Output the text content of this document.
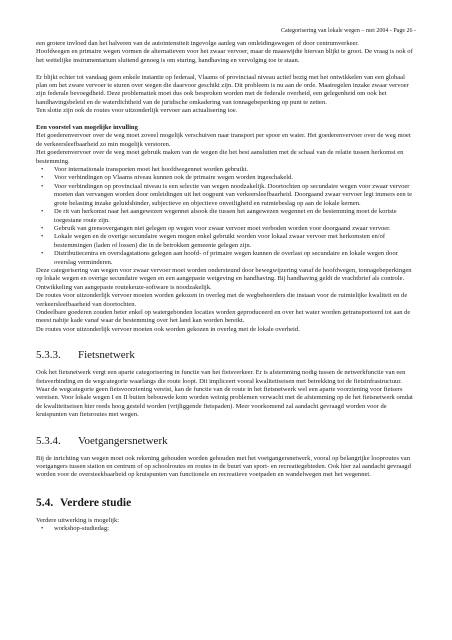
Categorisering van lokale wegen – mei 2004 - Page 26 -

een grotere invloed dan het halveren van de autointensiteit ingevolge aanleg van omleidingswegen of door centrumverkeer.

Hoofdwegen en primaire wegen vormen de alternatieven voor het zwaar vervoer, maar de maaswijdte hiervan blijkt te groot. De vraag is ook of het wettelijke instrumentarium sluitend genoeg is om sturing, handhaving en vervolging toe te staan.

Er blijkt echter tot vandaag geen enkele instantie op federaal, Vlaams of provinciaal niveau actief bezig met het ontwikkelen van een globaal plan om het zware vervoer te sturen over wegen die daarvoor geschikt zijn. Dit probleem is nu aan de orde. Maatregelen inzake zwaar vervoer zijn federale bevoegdheid. Deze problematiek moet dus ook besproken worden met de federale overheid, een gelegenheid om ook het handhavingsbeleid en de waterdichtheid van de juridische omkadering van tonnagebeperking op punt te zetten.

Ten slotte zijn ook de routes voor uitzonderlijk vervoer aan actualisering toe.

Een voorstel van mogelijke invulling

Het goederenvervoer over de weg moet zoveel mogelijk verschuiven naar transport per spoor en water. Het goederenvervoer over de weg moet de verkeersleefbaarheid zo min mogelijk verstoren.

Het goederenvervoer over de weg moet gebruik maken van de wegen die het best aansluiten met de schaal van de relatie tussen herkomst en bestemming.

• Voor internationale transporten moet het hoofdwegennet worden gebruikt.
• Voor verbindingen op Vlaams niveau kunnen ook de primaire wegen worden ingeschakeld.
• Voor verbindingen op provinciaal niveau is een selectie van wegen noodzakelijk. Doortochten op secundaire wegen voor zwaar vervoer moeten dan vervangen worden door omleidingen uit het oogpunt van verkeersleefbaarheid. Doorgaand zwaar vervoer legt immers een te grote belasting inzake geluidshinder, subjectieve en objectieve onveiligheid en ruimtebeslag op aan de lokale kernen.
• De rit van herkomst naar het aangewezen wegennet alsook die tussen het aangewezen wegennet en de bestemming moet de kortste toegestane route zijn.
• Gebruik van grensovergangen niet gelegen op wegen voor zwaar vervoer moet verboden worden voor doorgaand zwaar vervoer.
• Lokale wegen en de overige secundaire wegen mogen enkel gebruikt worden voor lokaal zwaar vervoer met herkomsten en/of bestemmingen (laden of lossen) die in de betrokken gemeente gelegen zijn.
• Distributiecentra en overslagstations gelegen aan hoofd- of primaire wegen kunnen de overlast op secundaire en lokale wegen door overslag verminderen.

Deze categorisering van wegen voor zwaar vervoer moet worden ondersteund door bewegwijzering vanaf de hoofdwegen, tonnagebeperkingen op lokale wegen en overige secundaire wegen en een aangepaste wetgeving en handhaving. Bij handhaving geldt de vrachtbrief als controle. Ontwikkeling van aangepaste routekeuze-software is noodzakelijk.

De routes voor uitzonderlijk vervoer moeten worden gekozen in overleg met de wegbeheerders die instaan voor de ruimtelijke kwaliteit en de verkeersleefbaarheid van doortochten.

Ondeelbare goederen zouden beter enkel op watergebonden locaties worden geproduceerd en over het water worden getransporteerd tot aan de meest nabije kade vanaf waar de bestemming over het land kan worden bereikt.

De routes voor uitzonderlijk vervoer moeten ook worden gekozen in overleg met de lokale overheid.

5.3.3. Fietsnetwerk

Ook het fietsnetwerk vergt een aparte categorisering in functie van het fietsverkeer. Er is afstemming nodig tussen de netwerkfunctie van een fietsverbinding en de wegcategorie waarlangs die route loopt. Dit impliceert vooral kwaliteitseisen met betrekking tot de fietsinfrastructuur. Waar de wegcategorie geen fietsvoorziening vereist, kan de functie van de route in het fietsnetwerk wel een aparte voorziening voor fietsers vereisen. Voor lokale wegen I en II buiten bebouwde kom worden weinig problemen verwacht met de afstemming op de het fietsnetwerk omdat de kwaliteitseisen hier reeds hoog gesteld worden (vrijliggende fietspaden). Meer voorkomend zal aandacht gevraagd worden voor de kruispunten van fietsroutes met wegen.

5.3.4. Voetgangersnetwerk

Bij de inrichting van wegen moet ook rekening gehouden worden gehouden met het voetgangersnetwerk, vooral op belangrijke looproutes van voetgangers tussen station en centrum of op schoolroutes en routes in de buurt van sport- en recreatiegebieden. Ook hier zal aandacht gevraagd worden voor de oversteekbaarheid op kruispunten van functionele en recreatieve voetpaden en wandelwegen met het wegennet.

5.4. Verdere studie

Verdere uitwerking is mogelijk:

• workshop-studiedag;
